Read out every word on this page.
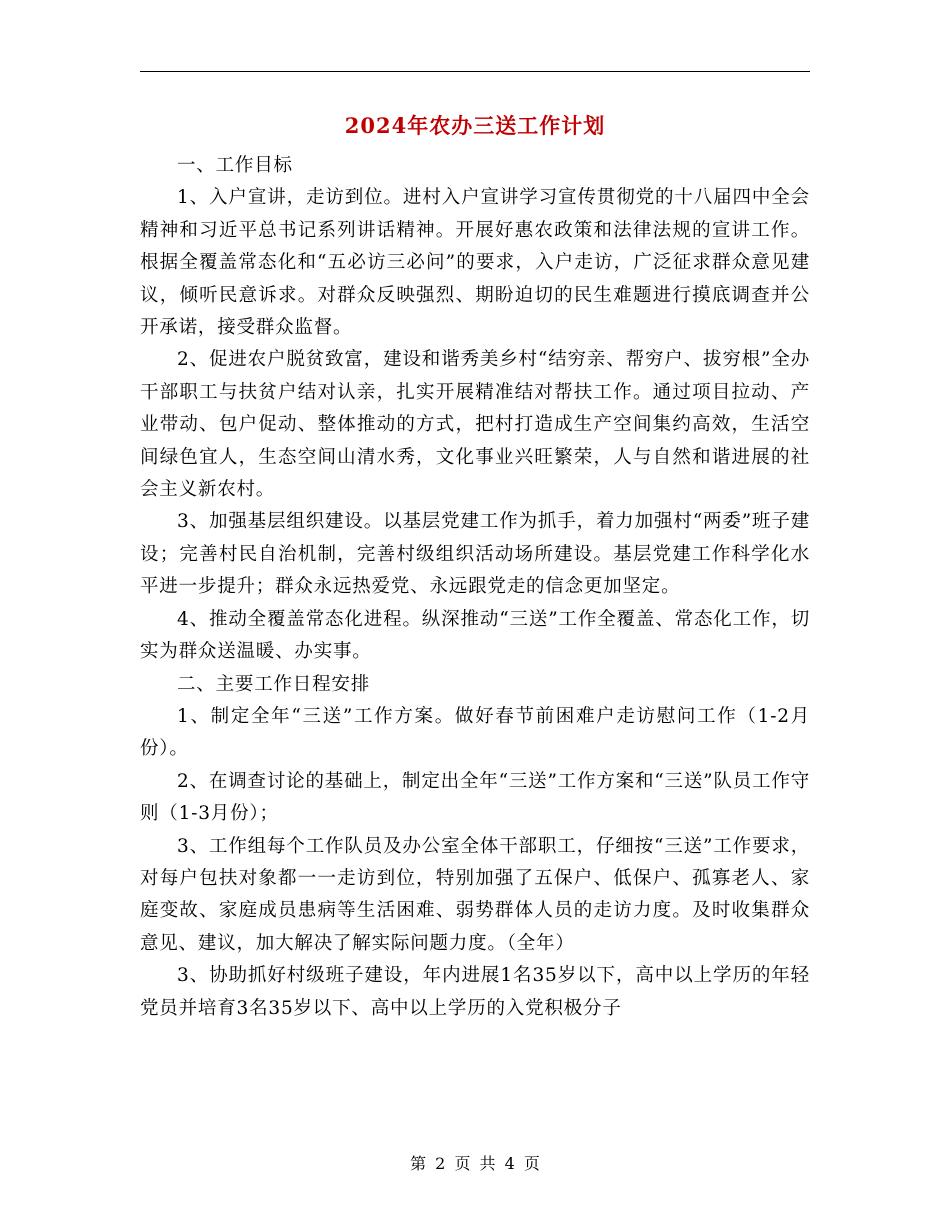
2024年农办三送工作计划

一、工作目标

1、入户宣讲，走访到位。进村入户宣讲学习宣传贯彻党的十八届四中全会精神和习近平总书记系列讲话精神。开展好惠农政策和法律法规的宣讲工作。根据全覆盖常态化和“五必访三必问”的要求，入户走访，广泛征求群众意见建议，倾听民意诉求。对群众反映强烈、期盼迫切的民生难题进行摸底调查并公开承诺，接受群众监督。

2、促进农户脱贫致富，建设和谐秀美乡村“结穷亲、帮穷户、拔穷根”全办干部职工与扶贫户结对认亲，扎实开展精准结对帮扶工作。通过项目拉动、产业带动、包户促动、整体推动的方式，把村打造成生产空间集约高效，生活空间绿色宜人，生态空间山清水秀，文化事业兴旺繁荣，人与自然和谐进展的社会主义新农村。

3、加强基层组织建设。以基层党建工作为抓手，着力加强村“两委”班子建设；完善村民自治机制，完善村级组织活动场所建设。基层党建工作科学化水平进一步提升；群众永远热爱党、永远跟党走的信念更加坚定。

4、推动全覆盖常态化进程。纵深推动“三送”工作全覆盖、常态化工作，切实为群众送温暖、办实事。

二、主要工作日程安排

1、制定全年“三送”工作方案。做好春节前困难户走访慰问工作（1-2月份）。

2、在调查讨论的基础上，制定出全年“三送”工作方案和“三送”队员工作守则（1-3月份）；

3、工作组每个工作队员及办公室全体干部职工，仔细按“三送”工作要求，对每户包扶对象都一一走访到位，特别加强了五保户、低保户、孤寡老人、家庭变故、家庭成员患病等生活困难、弱势群体人员的走访力度。及时收集群众意见、建议，加大解决了解实际问题力度。（全年）

3、协助抓好村级班子建设，年内进展1名35岁以下，高中以上学历的年轻党员并培育3名35岁以下、高中以上学历的入党积极分子

第 2 页 共 4 页
